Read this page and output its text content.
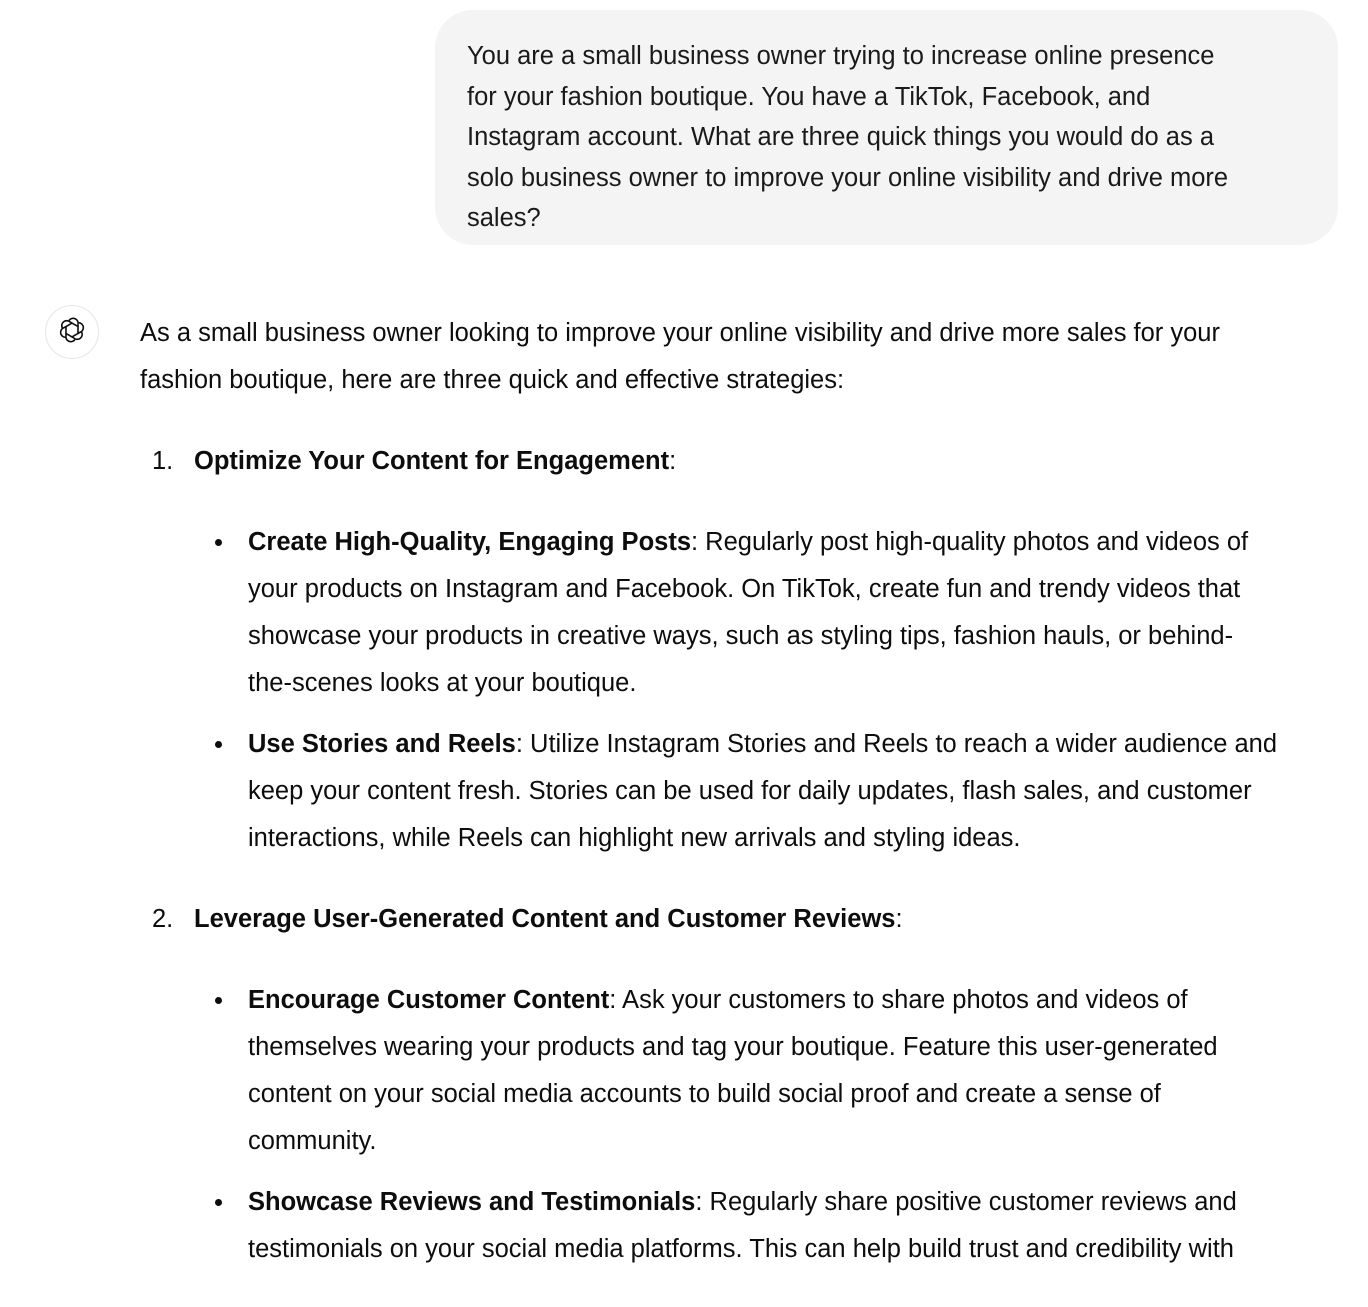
You are a small business owner trying to increase online presence
for your fashion boutique. You have a TikTok, Facebook, and
Instagram account. What are three quick things you would do as a
solo business owner to improve your online visibility and drive more
sales?

As a small business owner looking to improve your online visibility and drive more sales for your
fashion boutique, here are three quick and effective strategies:

1. Optimize Your Content for Engagement:
Create High-Quality, Engaging Posts: Regularly post high-quality photos and videos of
your products on Instagram and Facebook. On TikTok, create fun and trendy videos that
showcase your products in creative ways, such as styling tips, fashion hauls, or behind-
the-scenes looks at your boutique.
Use Stories and Reels: Utilize Instagram Stories and Reels to reach a wider audience and
keep your content fresh. Stories can be used for daily updates, flash sales, and customer
interactions, while Reels can highlight new arrivals and styling ideas.
2. Leverage User-Generated Content and Customer Reviews:
Encourage Customer Content: Ask your customers to share photos and videos of
themselves wearing your products and tag your boutique. Feature this user-generated
content on your social media accounts to build social proof and create a sense of
community.
Showcase Reviews and Testimonials: Regularly share positive customer reviews and
testimonials on your social media platforms. This can help build trust and credibility with
